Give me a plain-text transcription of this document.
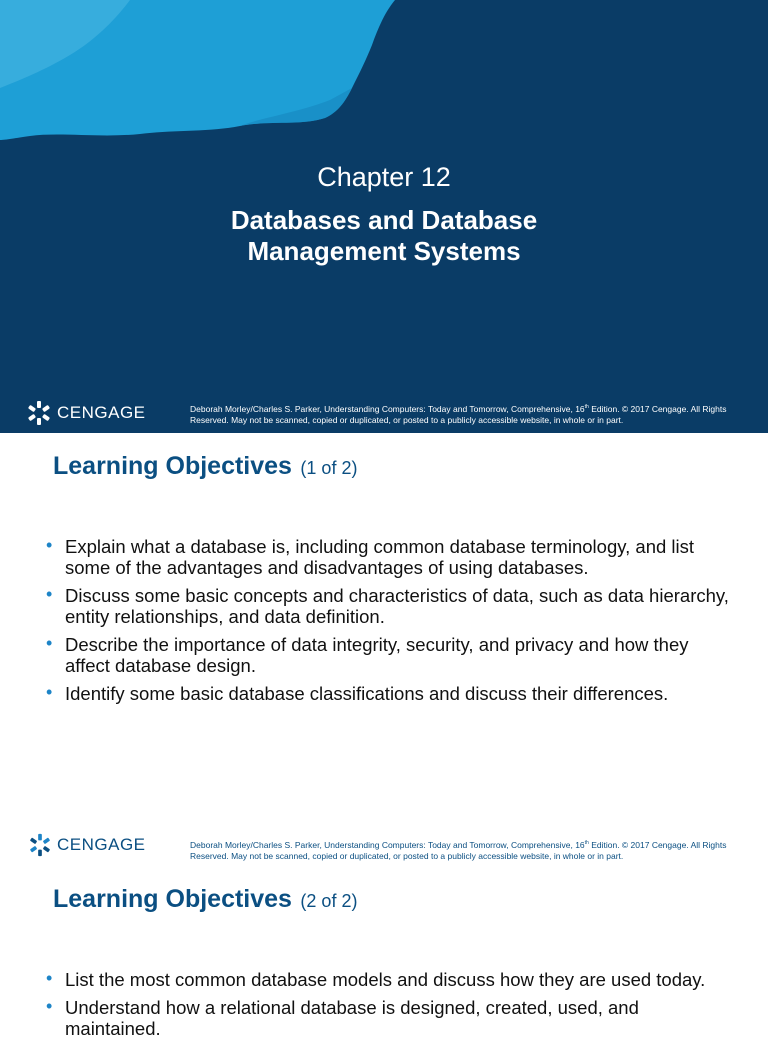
Chapter 12
Databases and Database
Management Systems
CENGAGE	Deborah Morley/Charles S. Parker, Understanding Computers: Today and Tomorrow, Comprehensive, 16th Edition. © 2017 Cengage. All Rights Reserved. May not be scanned, copied or duplicated, or posted to a publicly accessible website, in whole or in part.
Learning Objectives (1 of 2)
• Explain what a database is, including common database terminology, and list some of the advantages and disadvantages of using databases.
• Discuss some basic concepts and characteristics of data, such as data hierarchy, entity relationships, and data definition.
• Describe the importance of data integrity, security, and privacy and how they affect database design.
• Identify some basic database classifications and discuss their differences.
CENGAGE	Deborah Morley/Charles S. Parker, Understanding Computers: Today and Tomorrow, Comprehensive, 16th Edition. © 2017 Cengage. All Rights Reserved. May not be scanned, copied or duplicated, or posted to a publicly accessible website, in whole or in part.
Learning Objectives (2 of 2)
• List the most common database models and discuss how they are used today.
• Understand how a relational database is designed, created, used, and maintained.
